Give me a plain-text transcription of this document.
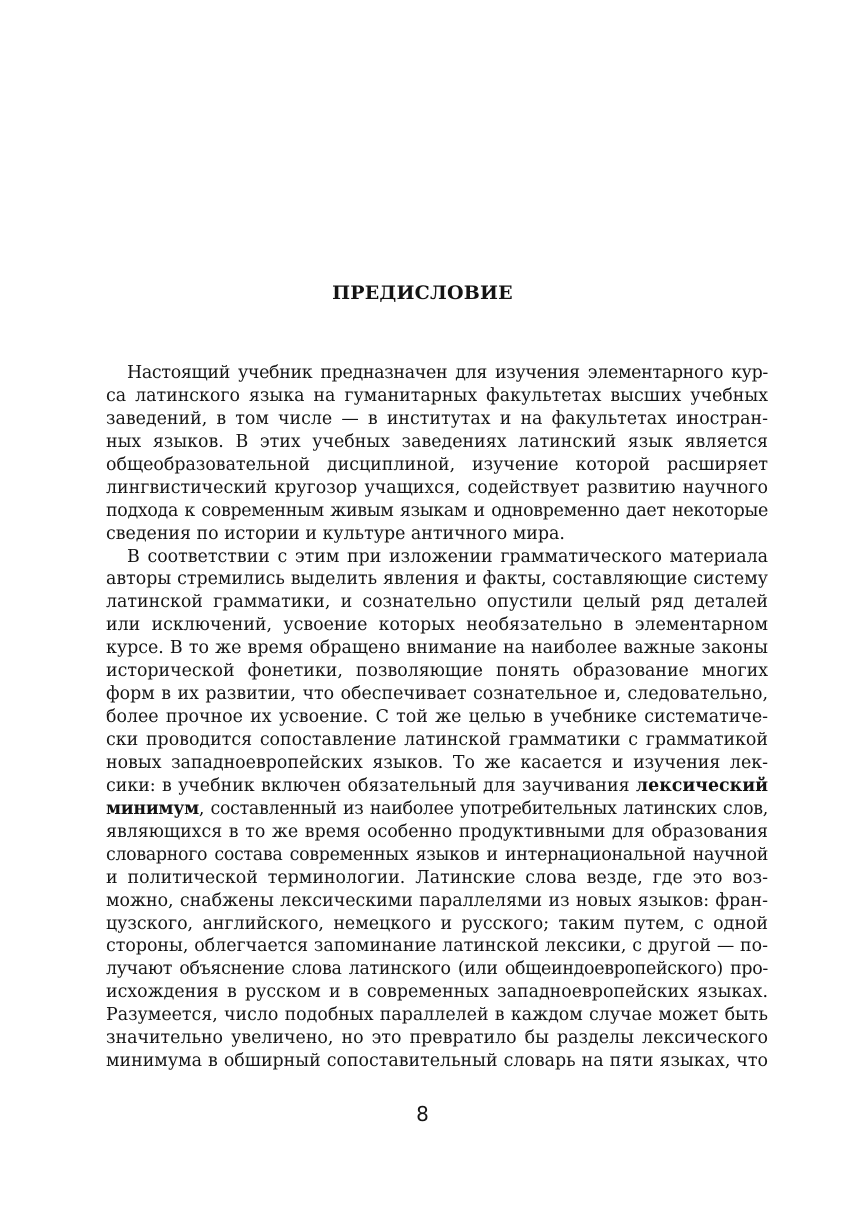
ПРЕДИСЛОВИЕ
Настоящий учебник предназначен для изучения элементарного кур-
са латинского языка на гуманитарных факультетах высших учебных
заведений, в том числе — в институтах и на факультетах иностран-
ных языков. В этих учебных заведениях латинский язык является
общеобразовательной дисциплиной, изучение которой расширяет
лингвистический кругозор учащихся, содействует развитию научного
подхода к современным живым языкам и одновременно дает некоторые
сведения по истории и культуре античного мира.
В соответствии с этим при изложении грамматического материала
авторы стремились выделить явления и факты, составляющие систему
латинской грамматики, и сознательно опустили целый ряд деталей
или исключений, усвоение которых необязательно в элементарном
курсе. В то же время обращено внимание на наиболее важные законы
исторической фонетики, позволяющие понять образование многих
форм в их развитии, что обеспечивает сознательное и, следовательно,
более прочное их усвоение. С той же целью в учебнике систематиче-
ски проводится сопоставление латинской грамматики с грамматикой
новых западноевропейских языков. То же касается и изучения лек-
сики: в учебник включен обязательный для заучивания лексический
минимум, составленный из наиболее употребительных латинских слов,
являющихся в то же время особенно продуктивными для образования
словарного состава современных языков и интернациональной научной
и политической терминологии. Латинские слова везде, где это воз-
можно, снабжены лексическими параллелями из новых языков: фран-
цузского, английского, немецкого и русского; таким путем, с одной
стороны, облегчается запоминание латинской лексики, с другой — по-
лучают объяснение слова латинского (или общеиндоевропейского) про-
исхождения в русском и в современных западноевропейских языках.
Разумеется, число подобных параллелей в каждом случае может быть
значительно увеличено, но это превратило бы разделы лексического
минимума в обширный сопоставительный словарь на пяти языках, что
8
